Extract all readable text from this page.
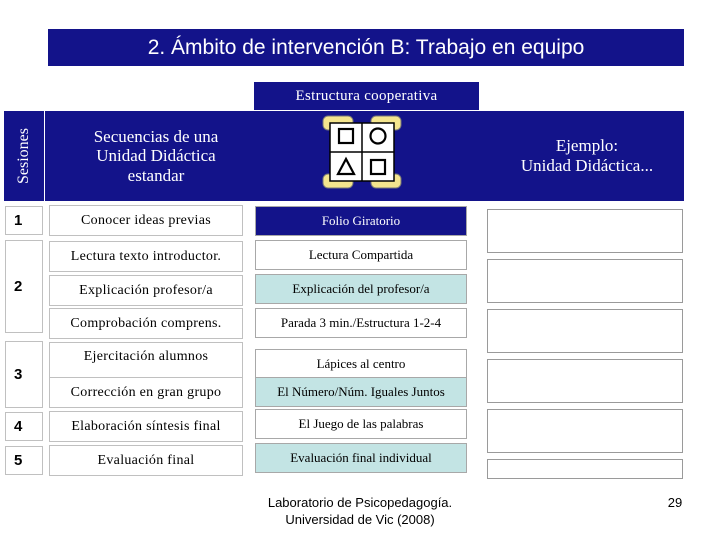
2. Ámbito de intervención B: Trabajo en equipo
Estructura cooperativa
Sesiones	Secuencias de una
Unidad Didáctica
estandar
Ejemplo:
Unidad Didáctica...
1
2
3
4
5
Conocer ideas previas
Lectura texto introductor.
Explicación profesor/a
Comprobación comprens.
Ejercitación alumnos
Corrección en gran grupo
Elaboración síntesis final
Evaluación final
Folio Giratorio
Lectura Compartida
Explicación del profesor/a
Parada 3 min./Estructura 1-2-4
Lápices al centro
El Número/Núm. Iguales Juntos
El Juego de las palabras
Evaluación final individual
Laboratorio de Psicopedagogía.
Universidad de Vic (2008)
29
